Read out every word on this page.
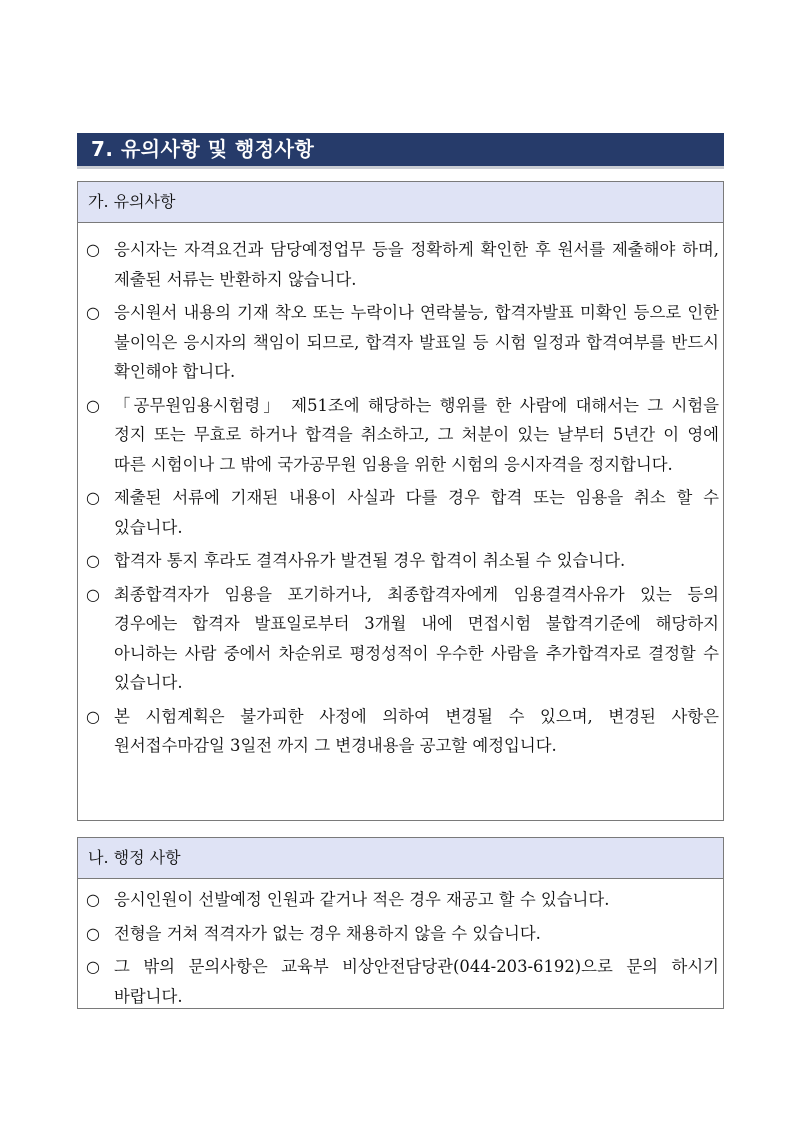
7. 유의사항 및 행정사항
가. 유의사항
○ 응시자는 자격요건과 담당예정업무 등을 정확하게 확인한 후 원서를 제출해야 하며, 제출된 서류는 반환하지 않습니다.
○ 응시원서 내용의 기재 착오 또는 누락이나 연락불능, 합격자발표 미확인 등으로 인한 불이익은 응시자의 책임이 되므로, 합격자 발표일 등 시험 일정과 합격여부를 반드시 확인해야 합니다.
○ 「공무원임용시험령」 제51조에 해당하는 행위를 한 사람에 대해서는 그 시험을 정지 또는 무효로 하거나 합격을 취소하고, 그 처분이 있는 날부터 5년간 이 영에 따른 시험이나 그 밖에 국가공무원 임용을 위한 시험의 응시자격을 정지합니다.
○ 제출된 서류에 기재된 내용이 사실과 다를 경우 합격 또는 임용을 취소 할 수 있습니다.
○ 합격자 통지 후라도 결격사유가 발견될 경우 합격이 취소될 수 있습니다.
○ 최종합격자가 임용을 포기하거나, 최종합격자에게 임용결격사유가 있는 등의 경우에는 합격자 발표일로부터 3개월 내에 면접시험 불합격기준에 해당하지 아니하는 사람 중에서 차순위로 평정성적이 우수한 사람을 추가합격자로 결정할 수 있습니다.
○ 본 시험계획은 불가피한 사정에 의하여 변경될 수 있으며, 변경된 사항은 원서접수마감일 3일전 까지 그 변경내용을 공고할 예정입니다.
나. 행정 사항
○ 응시인원이 선발예정 인원과 같거나 적은 경우 재공고 할 수 있습니다.
○ 전형을 거쳐 적격자가 없는 경우 채용하지 않을 수 있습니다.
○ 그 밖의 문의사항은 교육부 비상안전담당관(044-203-6192)으로 문의 하시기 바랍니다.
